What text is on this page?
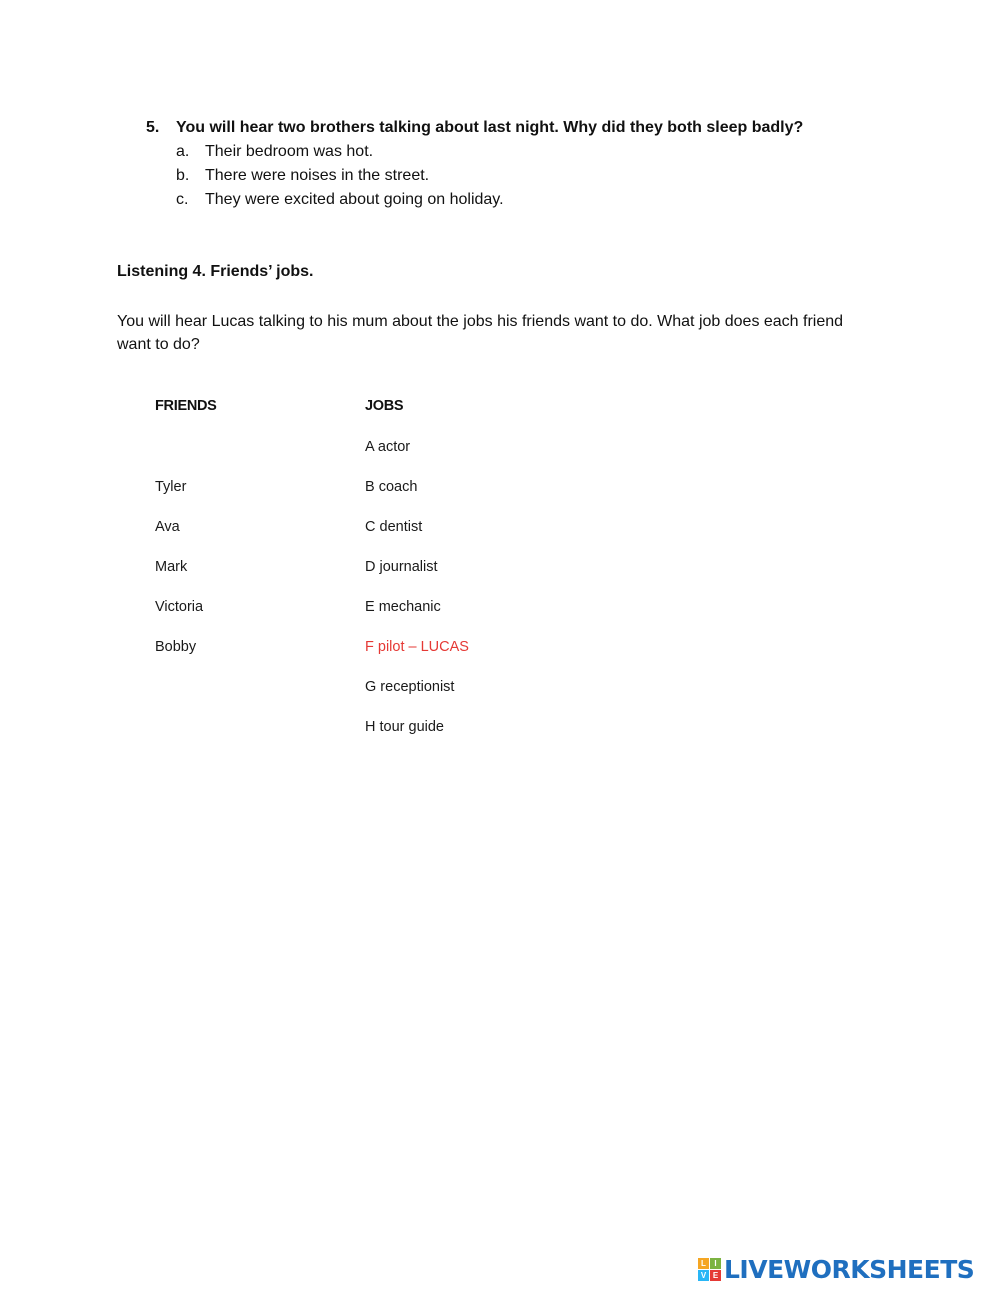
5. You will hear two brothers talking about last night. Why did they both sleep badly?
a. Their bedroom was hot.
b. There were noises in the street.
c. They were excited about going on holiday.
Listening 4. Friends’ jobs.
You will hear Lucas talking to his mum about the jobs his friends want to do. What job does each friend want to do?
FRIENDS	JOBS
Tyler
Ava
Mark
Victoria
Bobby
A actor
B coach
C dentist
D journalist
E mechanic
F pilot – LUCAS
G receptionist
H tour guide
L	I
V E LIVEWORKSHEETS
